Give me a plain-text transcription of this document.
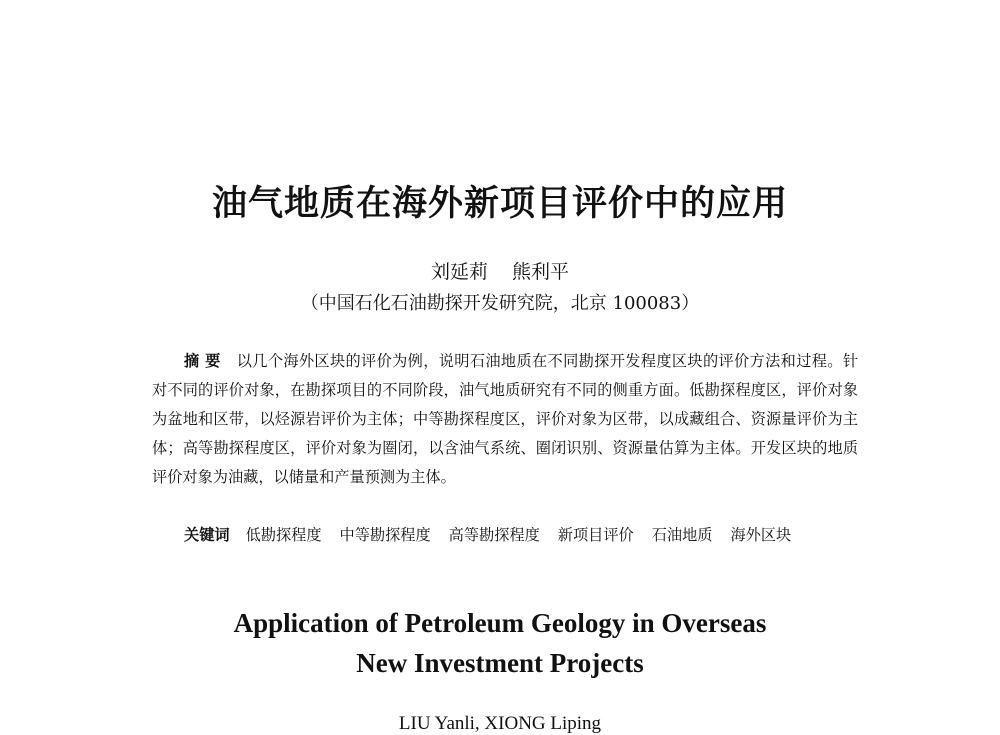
油气地质在海外新项目评价中的应用
刘延莉 熊利平
（中国石化石油勘探开发研究院，北京 100083）

摘 要 以几个海外区块的评价为例，说明石油地质在不同勘探开发程度区块的评价方法和过程。针对不同的评价对象，在勘探项目的不同阶段，油气地质研究有不同的侧重方面。低勘探程度区，评价对象为盆地和区带，以烃源岩评价为主体；中等勘探程度区，评价对象为区带，以成藏组合、资源量评价为主体；高等勘探程度区，评价对象为圈闭，以含油气系统、圈闭识别、资源量估算为主体。开发区块的地质评价对象为油藏，以储量和产量预测为主体。

关键词 低勘探程度 中等勘探程度 高等勘探程度 新项目评价 石油地质 海外区块

Application of Petroleum Geology in Overseas
New Investment Projects
LIU Yanli, XIONG Liping
